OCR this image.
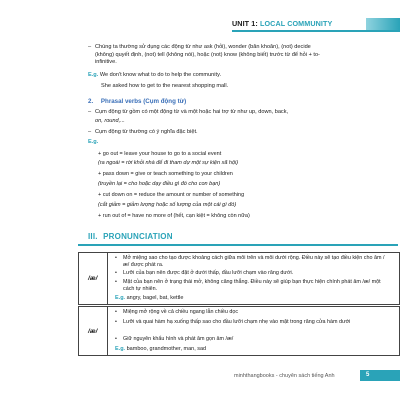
UNIT 1: LOCAL COMMUNITY
– Chúng ta thường sử dụng các động từ như ask (hỏi), wonder (băn khoăn), (not) decide (không) quyết định, (not) tell (không nói), hoặc (not) know (không biết) trước từ để hỏi + to-infinitive.
E.g. We don't know what to do to help the community.
She asked how to get to the nearest shopping mall.
2. Phrasal verbs (Cụm động từ)
– Cụm động từ gồm có một động từ và một hoặc hai trợ từ như up, down, back,
on, round,...
– Cụm động từ thường có ý nghĩa đặc biệt.
E.g.
+ go out = leave your house to go to a social event
(ra ngoài = rời khỏi nhà để đi tham dự một sự kiện xã hội)
+ pass down = give or teach something to your children
(truyền lại = cho hoặc dạy điều gì đó cho con bạn)
+ cut down on = reduce the amount or number of something
(cắt giảm = giảm lượng hoặc số lượng của một cái gì đó)
+ run out of = have no more of (hết, cạn kiệt = không còn nữa)
III. PRONUNCIATION
/æ/
•	Mở miệng sao cho tạo được khoảng cách giữa môi trên và môi dưới rộng. Điều này sẽ tạo điều kiện cho âm /æ/ được phát ra.
•	Lưỡi của bạn nên được đặt ở dưới thấp, đầu lưỡi chạm vào răng dưới.
•	Mặt của bạn nên ở trạng thái mở, không căng thẳng. Điều này sẽ giúp bạn thực hiện chính phát âm /æ/ một cách tự nhiên.
E.g. angry, bagel, bat, kettle
/æ/
•	Miệng mở rộng về cả chiều ngang lẫn chiều dọc
•	Lưỡi và quai hàm hạ xuống thấp sao cho đầu lưỡi chạm nhẹ vào mặt trong răng cửa hàm dưới
•	Giữ nguyên khẩu hình và phát âm gọn âm /æ/
E.g. bamboo, grandmother, man, sad
minhthangbooks - chuyên sách tiếng Anh	5
